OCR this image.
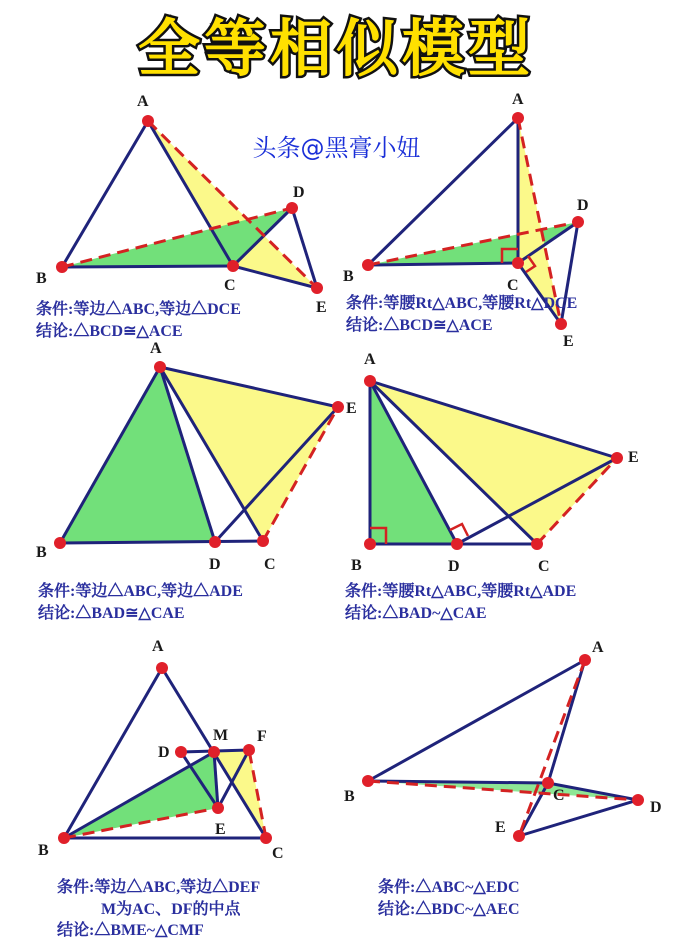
全等相似模型
头条@黑膏小妞
A
B	C
D
E
条件:等边△ABC,等边△DCE
结论:△BCD≅△ACE
A
B
C
D
E
条件:等腰Rt△ABC,等腰Rt△DCE
结论:△BCD≅△ACE
A
B
D	C
E
条件:等边△ABC,等边△ADE
结论:△BAD≅△CAE
A
B	D	C
E
条件:等腰Rt△ABC,等腰Rt△ADE
结论:△BAD~△CAE
A
B	C
D
M F
E
条件:等边△ABC,等边△DEF
M为AC、DF的中点
结论:△BME~△CMF
A
B	C
D
E
条件:△ABC~△EDC
结论:△BDC~△AEC
